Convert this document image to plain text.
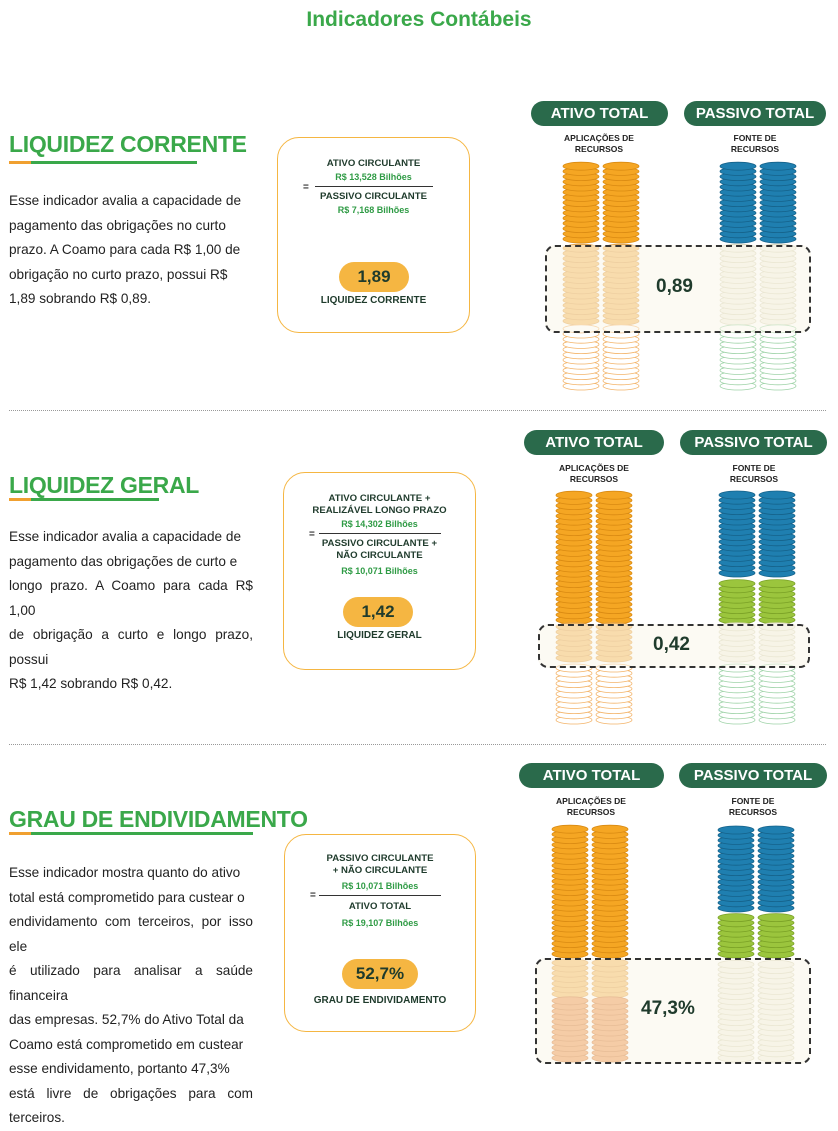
Indicadores Contábeis
LIQUIDEZ CORRENTE
Esse indicador avalia a capacidade de
pagamento das obrigações no curto
prazo. A Coamo para cada R$ 1,00 de
obrigação no curto prazo, possui R$
1,89 sobrando R$ 0,89.
=
ATIVO CIRCULANTE
R$ 13,528 Bilhões
PASSIVO CIRCULANTE
R$ 7,168 Bilhões
1,89
LIQUIDEZ CORRENTE
ATIVO TOTAL	PASSIVO TOTAL
APLICAÇÕES DE
RECURSOS
FONTE DE
RECURSOS
0,89
LIQUIDEZ GERAL
Esse indicador avalia a capacidade de
pagamento das obrigações de curto e
longo prazo. A Coamo para cada R$ 1,00
de obrigação a curto e longo prazo, possui
R$ 1,42 sobrando R$ 0,42.
=
ATIVO CIRCULANTE +
REALIZÁVEL LONGO PRAZO
R$ 14,302 Bilhões
PASSIVO CIRCULANTE +
NÃO CIRCULANTE
R$ 10,071 Bilhões
1,42
LIQUIDEZ GERAL
ATIVO TOTAL	PASSIVO TOTAL
APLICAÇÕES DE
RECURSOS
FONTE DE
RECURSOS
0,42
GRAU DE ENDIVIDAMENTO
Esse indicador mostra quanto do ativo
total está comprometido para custear o
endividamento com terceiros, por isso ele
é utilizado para analisar a saúde financeira
das empresas. 52,7% do Ativo Total da
Coamo está comprometido em custear
esse endividamento, portanto 47,3%
está livre de obrigações para com terceiros.
=
PASSIVO CIRCULANTE
+ NÃO CIRCULANTE
R$ 10,071 Bilhões
ATIVO TOTAL
R$ 19,107 Bilhões
52,7%
GRAU DE ENDIVIDAMENTO
ATIVO TOTAL	PASSIVO TOTAL
APLICAÇÕES DE
RECURSOS
FONTE DE
RECURSOS
47,3%
